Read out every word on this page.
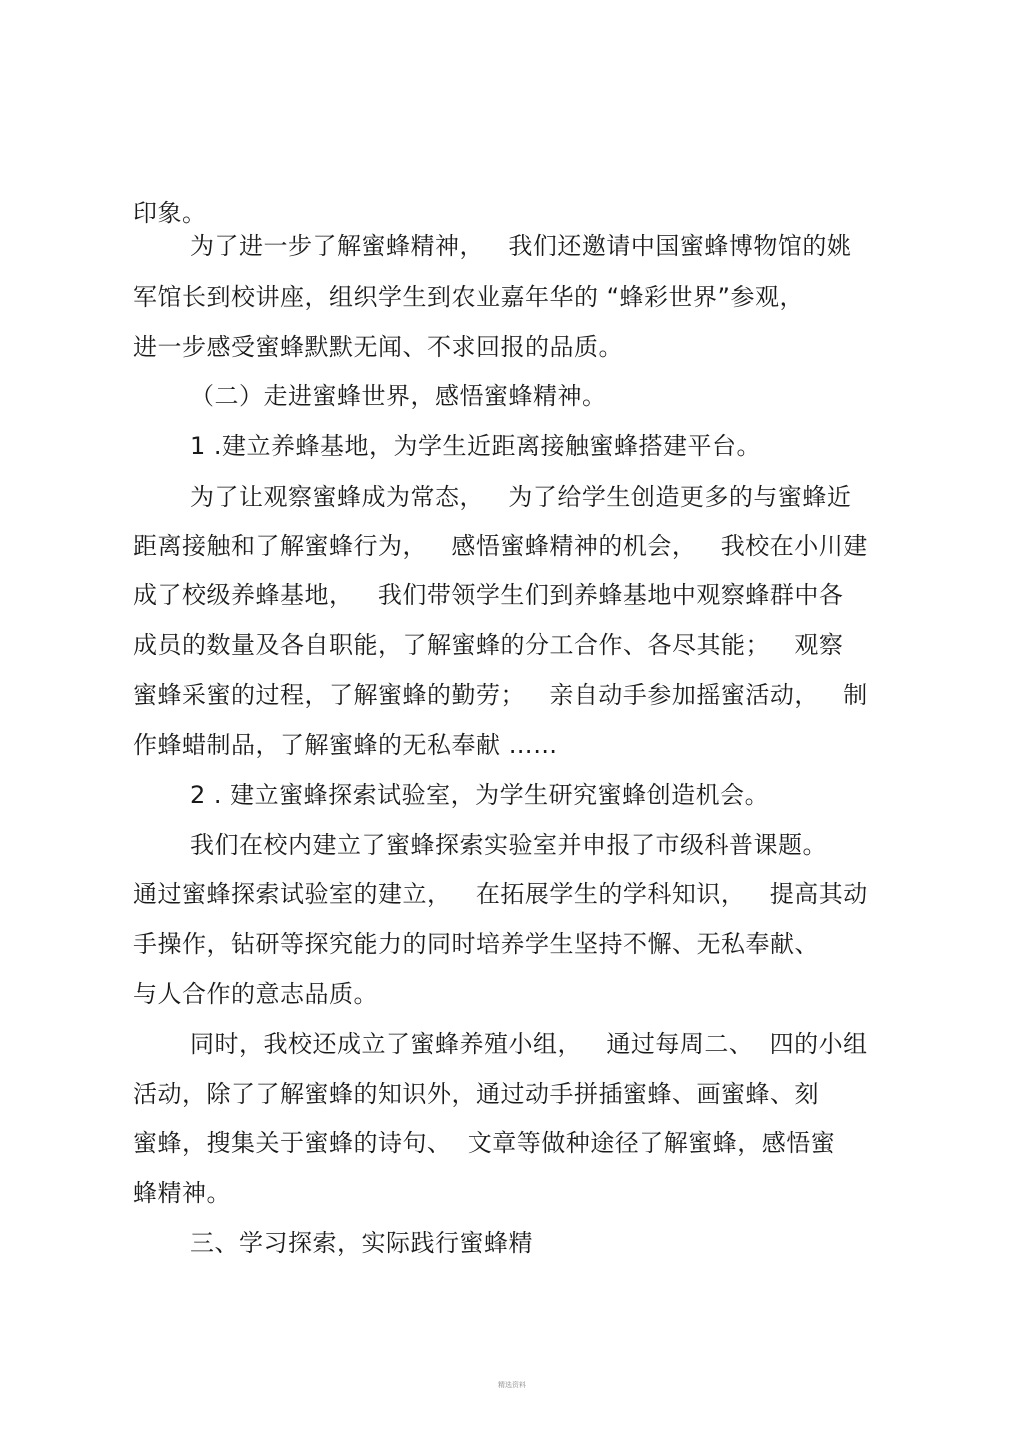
印象。
为了进一步了解蜜蜂精神，   我们还邀请中国蜜蜂博物馆的姚
军馆长到校讲座，组织学生到农业嘉年华的 “蜂彩世界”参观，
进一步感受蜜蜂默默无闻、不求回报的品质。
（二）走进蜜蜂世界，感悟蜜蜂精神。
1 .建立养蜂基地，为学生近距离接触蜜蜂搭建平台。
为了让观察蜜蜂成为常态，   为了给学生创造更多的与蜜蜂近
距离接触和了解蜜蜂行为，   感悟蜜蜂精神的机会，   我校在小川建
成了校级养蜂基地，   我们带领学生们到养蜂基地中观察蜂群中各
成员的数量及各自职能，了解蜜蜂的分工合作、各尽其能；   观察
蜜蜂采蜜的过程，了解蜜蜂的勤劳；   亲自动手参加摇蜜活动，   制
作蜂蜡制品，了解蜜蜂的无私奉献 ……
2 . 建立蜜蜂探索试验室，为学生研究蜜蜂创造机会。
我们在校内建立了蜜蜂探索实验室并申报了市级科普课题。
通过蜜蜂探索试验室的建立，   在拓展学生的学科知识，   提高其动
手操作，钻研等探究能力的同时培养学生坚持不懈、无私奉献、
与人合作的意志品质。
同时，我校还成立了蜜蜂养殖小组，   通过每周二、  四的小组
活动，除了了解蜜蜂的知识外，通过动手拼插蜜蜂、画蜜蜂、刻
蜜蜂，搜集关于蜜蜂的诗句、  文章等做种途径了解蜜蜂，感悟蜜
蜂精神。
三、学习探索，实际践行蜜蜂精
精选资料
